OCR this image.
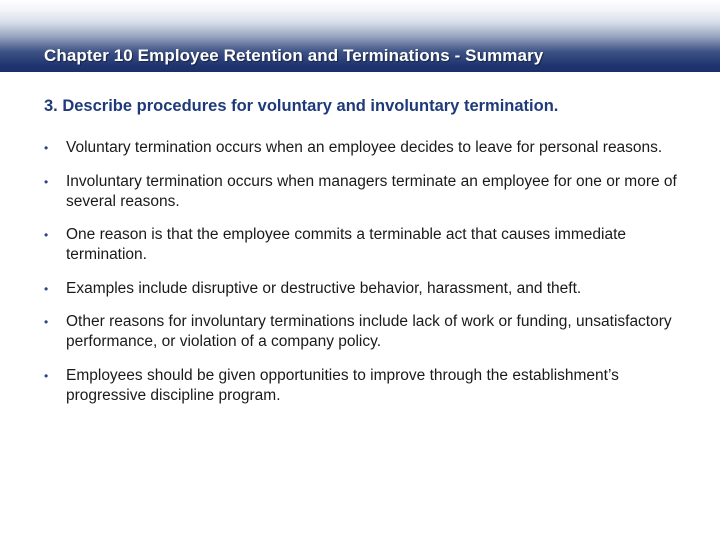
Chapter 10 Employee Retention and Terminations - Summary
3. Describe procedures for voluntary and involuntary termination.
• Voluntary termination occurs when an employee decides to leave for personal reasons.
• Involuntary termination occurs when managers terminate an employee for one or more of several reasons.
• One reason is that the employee commits a terminable act that causes immediate termination.
• Examples include disruptive or destructive behavior, harassment, and theft.
• Other reasons for involuntary terminations include lack of work or funding, unsatisfactory performance, or violation of a company policy.
• Employees should be given opportunities to improve through the establishment’s progressive discipline program.
